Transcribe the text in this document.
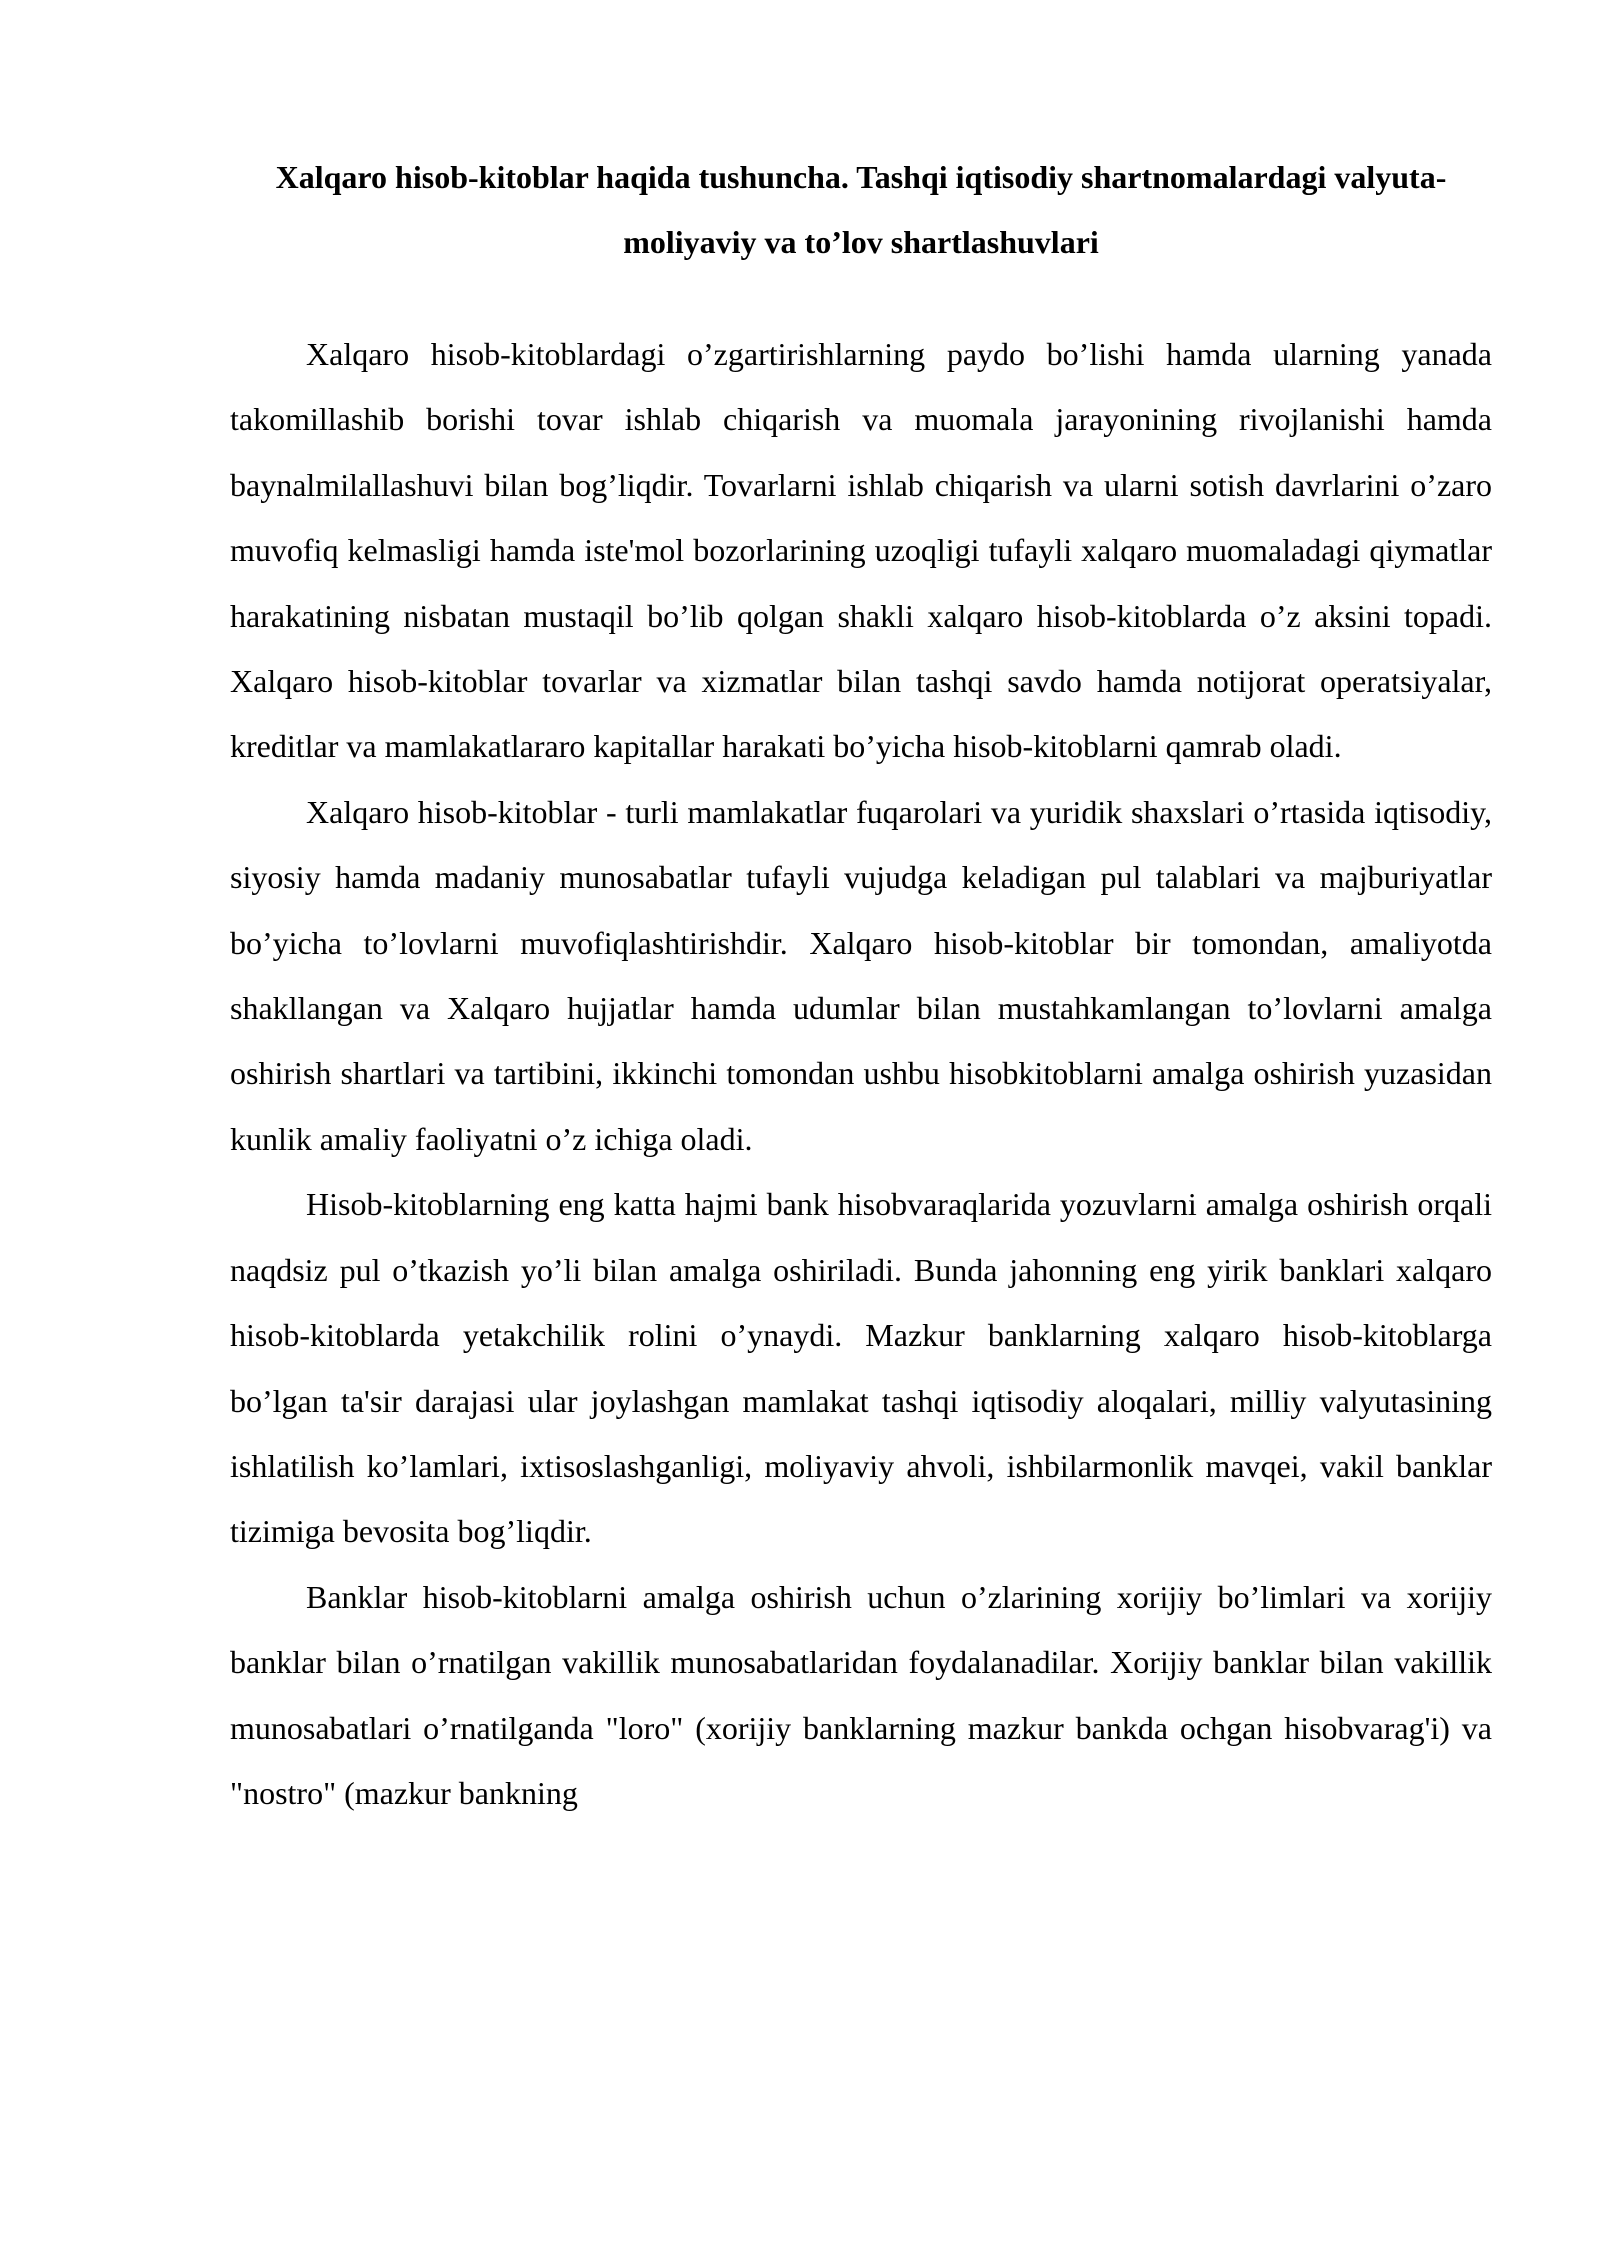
Xalqaro hisob-kitoblar haqida tushuncha. Tashqi iqtisodiy shartnomalardagi valyuta-moliyaviy va to’lov shartlashuvlari

Xalqaro hisob-kitoblardagi o’zgartirishlarning paydo bo’lishi hamda ularning yanada takomillashib borishi tovar ishlab chiqarish va muomala jarayonining rivojlanishi hamda baynalmilallashuvi bilan bog’liqdir. Tovarlarni ishlab chiqarish va ularni sotish davrlarini o’zaro muvofiq kelmasligi hamda iste'mol bozorlarining uzoqligi tufayli xalqaro muomaladagi qiymatlar harakatining nisbatan mustaqil bo’lib qolgan shakli xalqaro hisob-kitoblarda o’z aksini topadi. Xalqaro hisob-kitoblar tovarlar va xizmatlar bilan tashqi savdo hamda notijorat operatsiyalar, kreditlar va mamlakatlararo kapitallar harakati bo’yicha hisob-kitoblarni qamrab oladi.

Xalqaro hisob-kitoblar - turli mamlakatlar fuqarolari va yuridik shaxslari o’rtasida iqtisodiy, siyosiy hamda madaniy munosabatlar tufayli vujudga keladigan pul talablari va majburiyatlar bo’yicha to’lovlarni muvofiqlashtirishdir. Xalqaro hisob-kitoblar bir tomondan, amaliyotda shakllangan va Xalqaro hujjatlar hamda udumlar bilan mustahkamlangan to’lovlarni amalga oshirish shartlari va tartibini, ikkinchi tomondan ushbu hisobkitoblarni amalga oshirish yuzasidan kunlik amaliy faoliyatni o’z ichiga oladi.

Hisob-kitoblarning eng katta hajmi bank hisobvaraqlarida yozuvlarni amalga oshirish orqali naqdsiz pul o’tkazish yo’li bilan amalga oshiriladi. Bunda jahonning eng yirik banklari xalqaro hisob-kitoblarda yetakchilik rolini o’ynaydi. Mazkur banklarning xalqaro hisob-kitoblarga bo’lgan ta'sir darajasi ular joylashgan mamlakat tashqi iqtisodiy aloqalari, milliy valyutasining ishlatilish ko’lamlari, ixtisoslashganligi, moliyaviy ahvoli, ishbilarmonlik mavqei, vakil banklar tizimiga bevosita bog’liqdir.

Banklar hisob-kitoblarni amalga oshirish uchun o’zlarining xorijiy bo’limlari va xorijiy banklar bilan o’rnatilgan vakillik munosabatlaridan foydalanadilar. Xorijiy banklar bilan vakillik munosabatlari o’rnatilganda "loro" (xorijiy banklarning mazkur bankda ochgan hisobvarag'i) va "nostro" (mazkur bankning
